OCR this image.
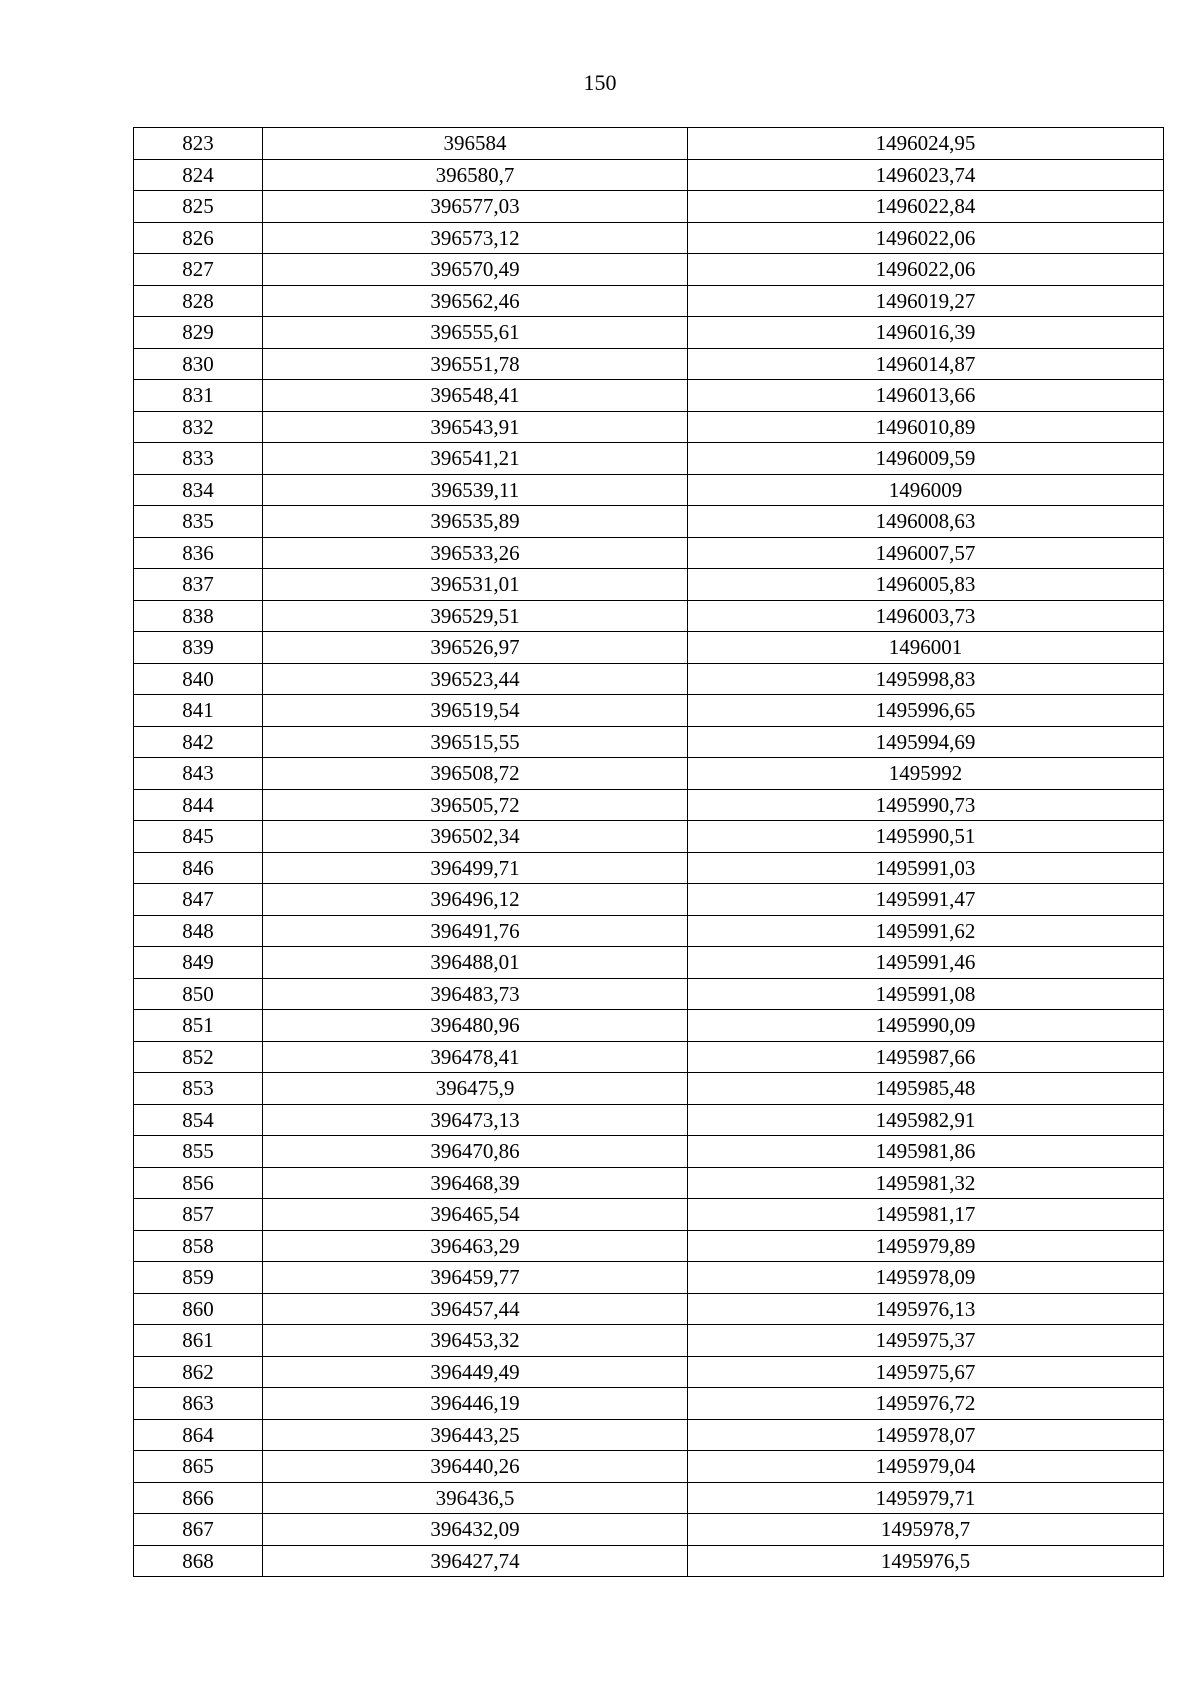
150
823	396584	1496024,95
824	396580,7	1496023,74
825	396577,03	1496022,84
826	396573,12	1496022,06
827	396570,49	1496022,06
828	396562,46	1496019,27
829	396555,61	1496016,39
830	396551,78	1496014,87
831	396548,41	1496013,66
832	396543,91	1496010,89
833	396541,21	1496009,59
834	396539,11	1496009
835	396535,89	1496008,63
836	396533,26	1496007,57
837	396531,01	1496005,83
838	396529,51	1496003,73
839	396526,97	1496001
840	396523,44	1495998,83
841	396519,54	1495996,65
842	396515,55	1495994,69
843	396508,72	1495992
844	396505,72	1495990,73
845	396502,34	1495990,51
846	396499,71	1495991,03
847	396496,12	1495991,47
848	396491,76	1495991,62
849	396488,01	1495991,46
850	396483,73	1495991,08
851	396480,96	1495990,09
852	396478,41	1495987,66
853	396475,9	1495985,48
854	396473,13	1495982,91
855	396470,86	1495981,86
856	396468,39	1495981,32
857	396465,54	1495981,17
858	396463,29	1495979,89
859	396459,77	1495978,09
860	396457,44	1495976,13
861	396453,32	1495975,37
862	396449,49	1495975,67
863	396446,19	1495976,72
864	396443,25	1495978,07
865	396440,26	1495979,04
866	396436,5	1495979,71
867	396432,09	1495978,7
868	396427,74	1495976,5
